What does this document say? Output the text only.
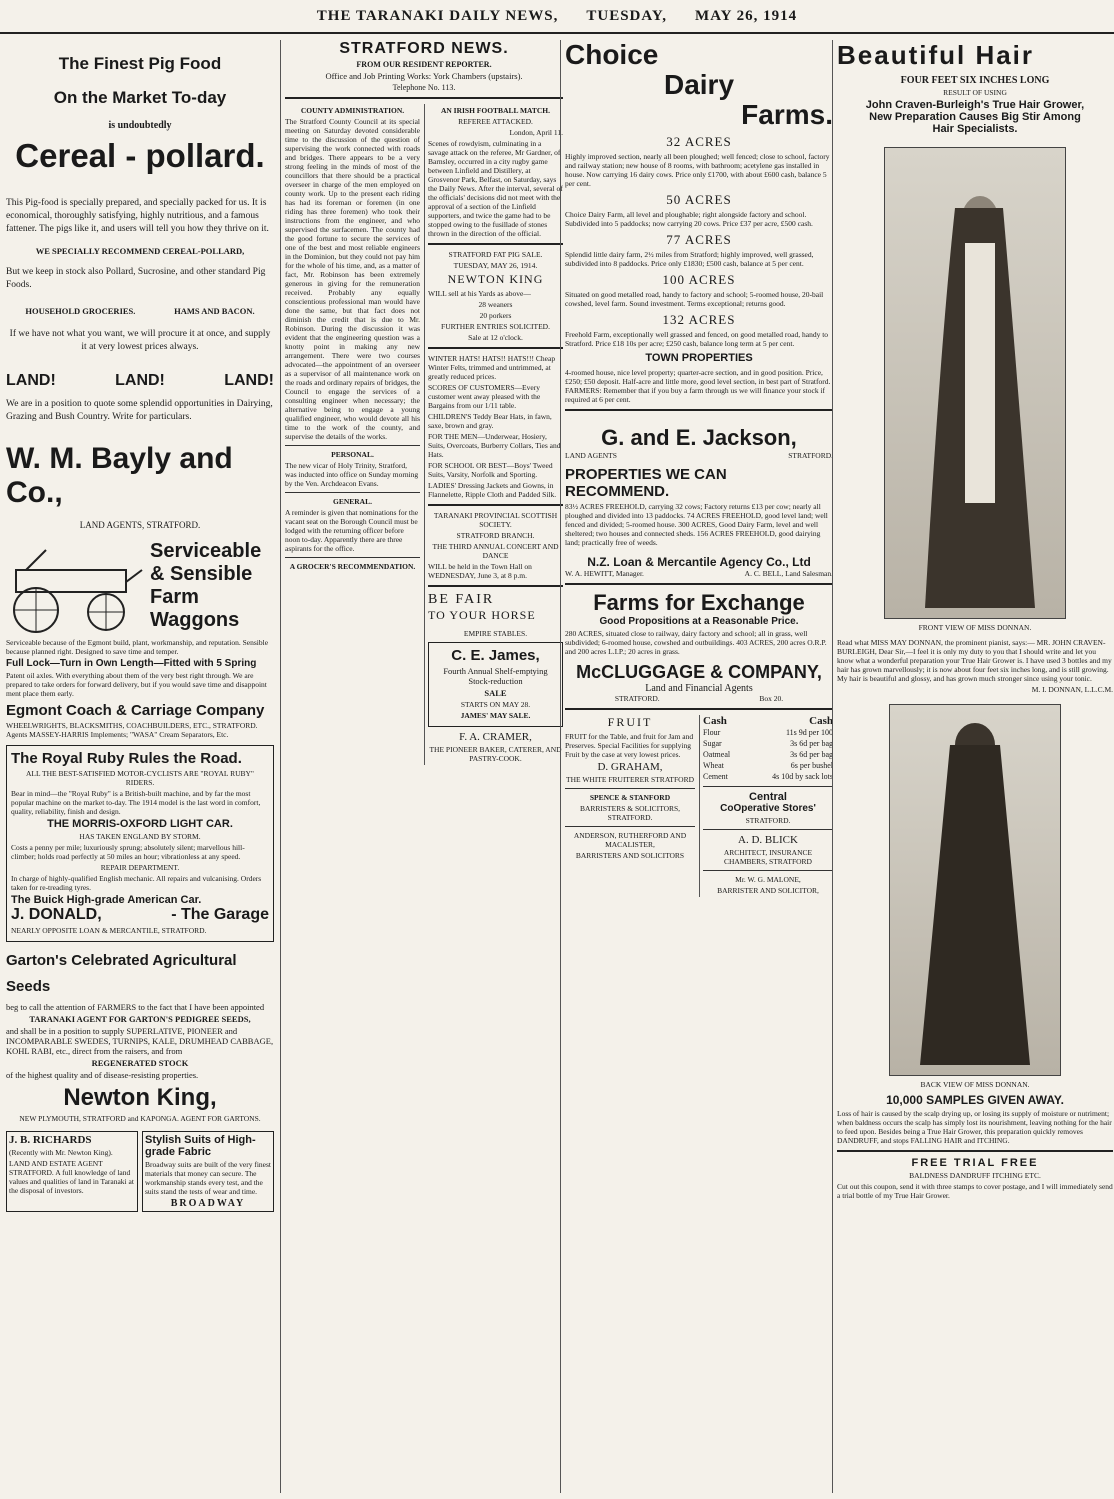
THE TARANAKI DAILY NEWS, TUESDAY, MAY 26, 1914
The Finest Pig Food
On the Market To-day
is undoubtedly
Cereal - pollard.

This Pig-food is specially prepared, and specially packed for us. It is economical, thoroughly satisfying, highly nutritious, and a famous fattener. The pigs like it, and users will tell you how they thrive on it.

WE SPECIALLY RECOMMEND CEREAL-POLLARD,

But we keep in stock also Pollard, Sucrosine, and other standard Pig Foods.

HOUSEHOLD GROCERIES.	HAMS AND BACON.

If we have not what you want, we will procure it at once, and supply it at very lowest prices always.

LAND!	LAND!	LAND!

We are in a position to quote some splendid opportunities in Dairying, Grazing and Bush Country. Write for particulars.

W. M. Bayly and Co.,
LAND AGENTS, STRATFORD.
Serviceable
& Sensible
Farm
Waggons

Serviceable because of the Egmont build, plant, workmanship, and reputation. Sensible because planned right. Designed to save time and temper.

Full Lock—Turn in Own Length—Fitted with 5 Spring

Patent oil axles. With everything about them of the very best right through. We are prepared to take orders for forward delivery, but if you would save time and disappoint ment place them early.

Egmont Coach & Carriage Company

WHEELWRIGHTS, BLACKSMITHS, COACHBUILDERS, ETC., STRATFORD. Agents MASSEY-HARRIS Implements; "WASA" Cream Separators, Etc.

The Royal Ruby Rules the Road.

ALL THE BEST-SATISFIED MOTOR-CYCLISTS ARE "ROYAL RUBY" RIDERS.

Bear in mind—the "Royal Ruby" is a British-built machine, and by far the most popular machine on the market to-day. The 1914 model is the last word in comfort, quality, reliability, finish and design.

THE MORRIS-OXFORD LIGHT CAR.

HAS TAKEN ENGLAND BY STORM.

Costs a penny per mile; luxuriously sprung; absolutely silent; marvellous hill-climber; holds road perfectly at 50 miles an hour; vibrationless at any speed.

REPAIR DEPARTMENT.

In charge of highly-qualified English mechanic. All repairs and vulcanising. Orders taken for re-treading tyres.

The Buick High-grade American Car.
J. DONALD,	- The Garage

NEARLY OPPOSITE LOAN & MERCANTILE, STRATFORD.

Garton's Celebrated Agricultural Seeds

beg to call the attention of FARMERS to the fact that I have been appointed

TARANAKI AGENT FOR GARTON'S PEDIGREE SEEDS,

and shall be in a position to supply SUPERLATIVE, PIONEER and INCOMPARABLE SWEDES, TURNIPS, KALE, DRUMHEAD CABBAGE, KOHL RABI, etc., direct from the raisers, and from

REGENERATED STOCK

of the highest quality and of disease-resisting properties.

Newton King,

NEW PLYMOUTH, STRATFORD and KAPONGA. AGENT FOR GARTONS.

J. B. RICHARDS

(Recently with Mr. Newton King).

LAND AND ESTATE AGENT STRATFORD. A full knowledge of land values and qualities of land in Taranaki at the disposal of investors.

Stylish Suits of High-grade Fabric

Broadway suits are built of the very finest materials that money can secure. The workmanship stands every test, and the suits stand the tests of wear and time.

BROADWAY
STRATFORD NEWS.

FROM OUR RESIDENT REPORTER.

Office and Job Printing Works: York Chambers (upstairs).

Telephone No. 113.

COUNTY ADMINISTRATION.

The Stratford County Council at its special meeting on Saturday devoted considerable time to the discussion of the question of supervising the work connected with roads and bridges. There appears to be a very strong feeling in the minds of most of the councillors that there should be a practical overseer in charge of the men employed on county work. Up to the present each riding has had its foreman or foremen (in one riding has three foremen) who took their instructions from the engineer, and who supervised the surfacemen. The county had the good fortune to secure the services of one of the best and most reliable engineers in the Dominion, but they could not pay him for the whole of his time, and, as a matter of fact, Mr. Robinson has been extremely generous in giving for the remuneration received. Probably any equally conscientious professional man would have done the same, but that fact does not diminish the credit that is due to Mr. Robinson. During the discussion it was evident that the engineering question was a knotty point in making any new arrangement. There were two courses advocated—the appointment of an overseer as a supervisor of all maintenance work on the roads and ordinary repairs of bridges, the Council to engage the services of a consulting engineer when necessary; the alternative being to engage a young qualified engineer, who would devote all his time to the work of the county, and supervise the details of the works.

PERSONAL.

The new vicar of Holy Trinity, Stratford, was inducted into office on Sunday morning by the Ven. Archdeacon Evans.

GENERAL.

A reminder is given that nominations for the vacant seat on the Borough Council must be lodged with the returning officer before noon to-day. Apparently there are three aspirants for the office.

A GROCER'S RECOMMENDATION.

AN IRISH FOOTBALL MATCH.

REFEREE ATTACKED.

London, April 11.

Scenes of rowdyism, culminating in a savage attack on the referee, Mr Gardner, of Barnsley, occurred in a city rugby game between Linfield and Distillery, at Grosvenor Park, Belfast, on Saturday, says the Daily News. After the interval, several of the officials' decisions did not meet with the approval of a section of the Linfield supporters, and twice the game had to be stopped owing to the fusillade of stones thrown in the direction of the official.

STRATFORD FAT PIG SALE.

TUESDAY, MAY 26, 1914.

NEWTON KING

WILL sell at his Yards as above—

28 weaners

20 porkers

FURTHER ENTRIES SOLICITED.

Sale at 12 o'clock.

WINTER HATS! HATS!! HATS!!! Cheap Winter Felts, trimmed and untrimmed, at greatly reduced prices.

SCORES OF CUSTOMERS—Every customer went away pleased with the Bargains from our 1/11 table.

CHILDREN'S Teddy Bear Hats, in fawn, saxe, brown and gray.

FOR THE MEN—Underwear, Hosiery, Suits, Overcoats, Burberry Collars, Ties and Hats.

FOR SCHOOL OR BEST—Boys' Tweed Suits, Varsity, Norfolk and Sporting.

LADIES' Dressing Jackets and Gowns, in Flannelette, Ripple Cloth and Padded Silk.

TARANAKI PROVINCIAL SCOTTISH SOCIETY.

STRATFORD BRANCH.

THE THIRD ANNUAL CONCERT AND DANCE

WILL be held in the Town Hall on WEDNESDAY, June 3, at 8 p.m.

BE FAIR
TO YOUR HORSE

EMPIRE STABLES.

C. E. James,

Fourth Annual Shelf-emptying Stock-reduction

SALE

STARTS ON MAY 28.

JAMES' MAY SALE.

F. A. CRAMER,

THE PIONEER BAKER, CATERER, AND PASTRY-COOK.

Choice
Dairy
Farms.
32 ACRES

Highly improved section, nearly all been ploughed; well fenced; close to school, factory and railway station; new house of 8 rooms, with bathroom; acetylene gas installed in house. Now carrying 16 dairy cows. Price only £1700, with about £600 cash, balance 5 per cent.

50 ACRES

Choice Dairy Farm, all level and ploughable; right alongside factory and school. Subdivided into 5 paddocks; now carrying 20 cows. Price £37 per acre, £500 cash.

77 ACRES

Splendid little dairy farm, 2½ miles from Stratford; highly improved, well grassed, subdivided into 8 paddocks. Price only £1830; £500 cash, balance at 5 per cent.

100 ACRES

Situated on good metalled road, handy to factory and school; 5-roomed house, 20-bail cowshed, level farm. Sound investment. Terms exceptional; returns good.

132 ACRES

Freehold Farm, exceptionally well grassed and fenced, on good metalled road, handy to Stratford. Price £18 10s per acre; £250 cash, balance long term at 5 per cent.

TOWN PROPERTIES

4-roomed house, nice level property; quarter-acre section, and in good position. Price, £250; £50 deposit. Half-acre and little more, good level section, in best part of Stratford. FARMERS: Remember that if you buy a farm through us we will finance your stock if required at 6 per cent.

G. and E. Jackson,
LAND AGENTS	STRATFORD.
PROPERTIES WE CAN RECOMMEND.

83½ ACRES FREEHOLD, carrying 32 cows; Factory returns £13 per cow; nearly all ploughed and divided into 13 paddocks. 74 ACRES FREEHOLD, good level land; well fenced and divided; 5-roomed house. 300 ACRES, Good Dairy Farm, level and well sheltered; two houses and connected sheds. 156 ACRES FREEHOLD, good dairying land; practically free of weeds.

N.Z. Loan & Mercantile Agency Co., Ltd
W. A. HEWITT, Manager.	A. C. BELL, Land Salesman.
Farms for Exchange
Good Propositions at a Reasonable Price.

280 ACRES, situated close to railway, dairy factory and school; all in grass, well subdivided; 6-roomed house, cowshed and outbuildings. 403 ACRES, 200 acres O.R.P. and 200 acres L.I.P.; 20 acres in grass.

McCLUGGAGE & COMPANY,
Land and Financial Agents
STRATFORD.	Box 20.
FRUIT

FRUIT for the Table, and fruit for Jam and Preserves. Special Facilities for supplying Fruit by the case at very lowest prices.

D. GRAHAM,

THE WHITE FRUITERER STRATFORD

SPENCE & STANFORD

BARRISTERS & SOLICITORS, STRATFORD.

ANDERSON, RUTHERFORD AND MACALISTER,

BARRISTERS AND SOLICITORS

Cash	Cash
Flour	11s 9d per 100
Sugar	3s 6d per bag
Oatmeal	3s 6d per bag
Wheat	6s per bushel
Cement	4s 10d by sack lots
Central
CoOperative Stores'

STRATFORD.

A. D. BLICK

ARCHITECT, INSURANCE CHAMBERS, STRATFORD

Mr. W. G. MALONE,

BARRISTER AND SOLICITOR,

Beautiful Hair
FOUR FEET SIX INCHES LONG

RESULT OF USING

John Craven-Burleigh's True Hair Grower,
New Preparation Causes Big Stir Among
Hair Specialists.

FRONT VIEW OF MISS DONNAN.

Read what MISS MAY DONNAN, the prominent pianist, says:— MR. JOHN CRAVEN-BURLEIGH, Dear Sir,—I feel it is only my duty to you that I should write and let you know what a wonderful preparation your True Hair Grower is. I have used 3 bottles and my hair has grown marvellously; it is now about four feet six inches long, and is still growing. My hair is beautiful and glossy, and has grown much stronger since using your tonic.

M. I. DONNAN, L.L.C.M.

BACK VIEW OF MISS DONNAN.

10,000 SAMPLES GIVEN AWAY.

Loss of hair is caused by the scalp drying up, or losing its supply of moisture or nutriment; when baldness occurs the scalp has simply lost its nourishment, leaving nothing for the hair to feed upon. Besides being a True Hair Grower, this preparation quickly removes DANDRUFF, and stops FALLING HAIR and ITCHING.

FREE TRIAL FREE

BALDNESS DANDRUFF ITCHING ETC.

Cut out this coupon, send it with three stamps to cover postage, and I will immediately send a trial bottle of my True Hair Grower.
